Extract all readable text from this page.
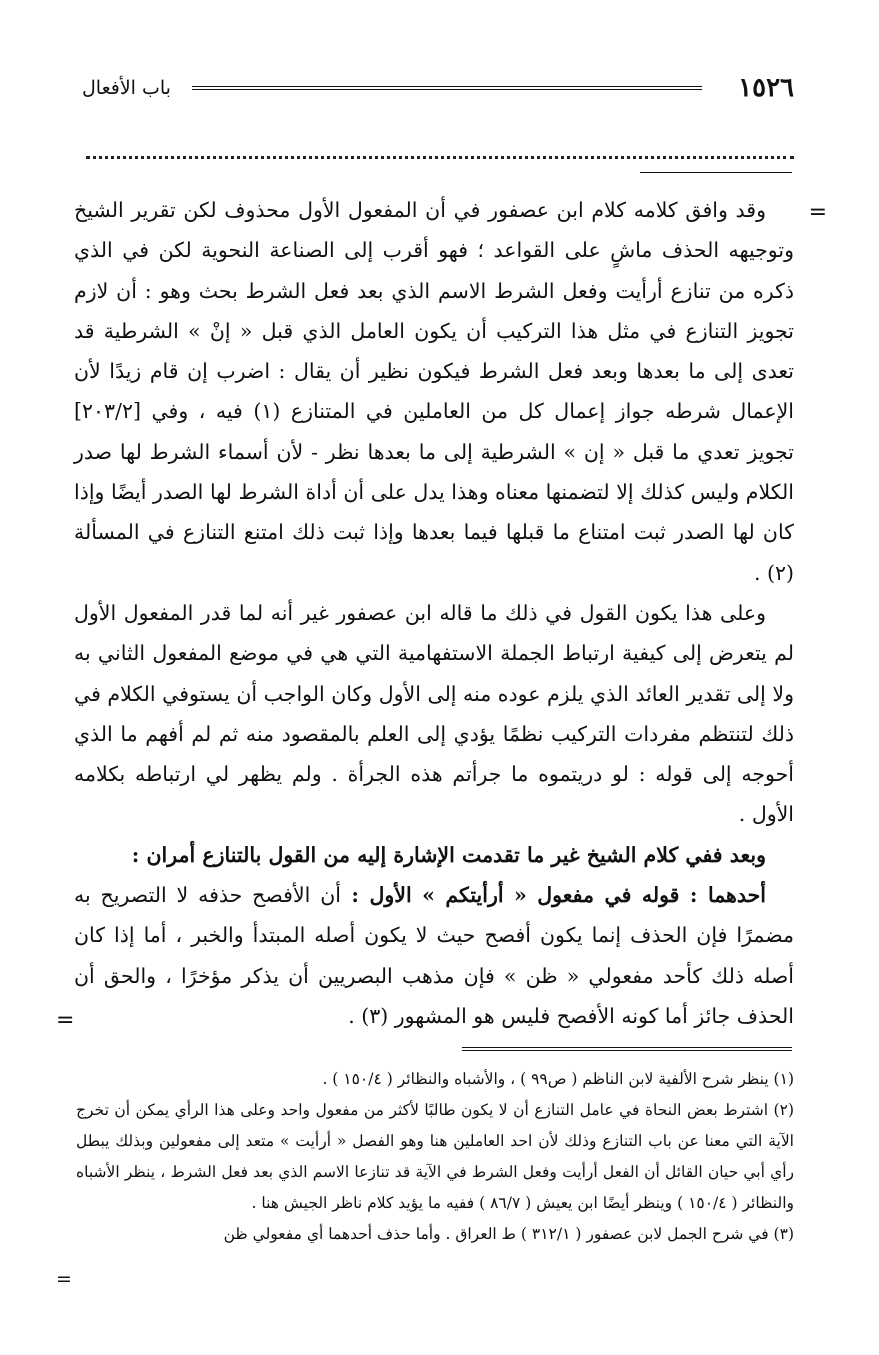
١٥٢٦
باب الأفعال
=

وقد وافق كلامه كلام ابن عصفور في أن المفعول الأول محذوف لكن تقرير الشيخ وتوجيهه الحذف ماشٍ على القواعد ؛ فهو أقرب إلى الصناعة النحوية لكن في الذي ذكره من تنازع أرأيت وفعل الشرط الاسم الذي بعد فعل الشرط بحث وهو : أن لازم تجويز التنازع في مثل هذا التركيب أن يكون العامل الذي قبل « إنْ » الشرطية قد تعدى إلى ما بعدها وبعد فعل الشرط فيكون نظير أن يقال : اضرب إن قام زيدًا لأن الإعمال شرطه جواز إعمال كل من العاملين في المتنازع (١) فيه ، وفي [٢٠٣/٢] تجويز تعدي ما قبل « إن » الشرطية إلى ما بعدها نظر - لأن أسماء الشرط لها صدر الكلام وليس كذلك إلا لتضمنها معناه وهذا يدل على أن أداة الشرط لها الصدر أيضًا وإذا كان لها الصدر ثبت امتناع ما قبلها فيما بعدها وإذا ثبت ذلك امتنع التنازع في المسألة (٢) .

وعلى هذا يكون القول في ذلك ما قاله ابن عصفور غير أنه لما قدر المفعول الأول لم يتعرض إلى كيفية ارتباط الجملة الاستفهامية التي هي في موضع المفعول الثاني به ولا إلى تقدير العائد الذي يلزم عوده منه إلى الأول وكان الواجب أن يستوفي الكلام في ذلك لتنتظم مفردات التركيب نظمًا يؤدي إلى العلم بالمقصود منه ثم لم أفهم ما الذي أحوجه إلى قوله : لو دريتموه ما جرأتم هذه الجرأة . ولم يظهر لي ارتباطه بكلامه الأول .

وبعد ففي كلام الشيخ غير ما تقدمت الإشارة إليه من القول بالتنازع أمران :

أحدهما : قوله في مفعول « أرأيتكم » الأول : أن الأفصح حذفه لا التصريح به مضمرًا فإن الحذف إنما يكون أفصح حيث لا يكون أصله المبتدأ والخبر ، أما إذا كان أصله ذلك كأحد مفعولي « ظن » فإن مذهب البصريين أن يذكر مؤخرًا ، والحق أن الحذف جائز أما كونه الأفصح فليس هو المشهور (٣) .

=

(١) ينظر شرح الألفية لابن الناظم ( ص٩٩ ) ، والأشباه والنظائر ( ١٥٠/٤ ) .

(٢) اشترط بعض النحاة في عامل التنازع أن لا يكون طالبًا لأكثر من مفعول واحد وعلى هذا الرأي يمكن أن تخرج الآية التي معنا عن باب التنازع وذلك لأن احد العاملين هنا وهو الفصل « أرأيت » متعد إلى مفعولين وبذلك يبطل رأي أبي حيان القائل أن الفعل أرأيت وفعل الشرط في الآية قد تنازعا الاسم الذي بعد فعل الشرط ، ينظر الأشباه والنظائر ( ١٥٠/٤ ) وينظر أيضًا ابن يعيش ( ٨٦/٧ ) ففيه ما يؤيد كلام ناظر الجيش هنا .

(٣) في شرح الجمل لابن عصفور ( ٣١٢/١ ) ط العراق . وأما حذف أحدهما أي مفعولي ظن

=
